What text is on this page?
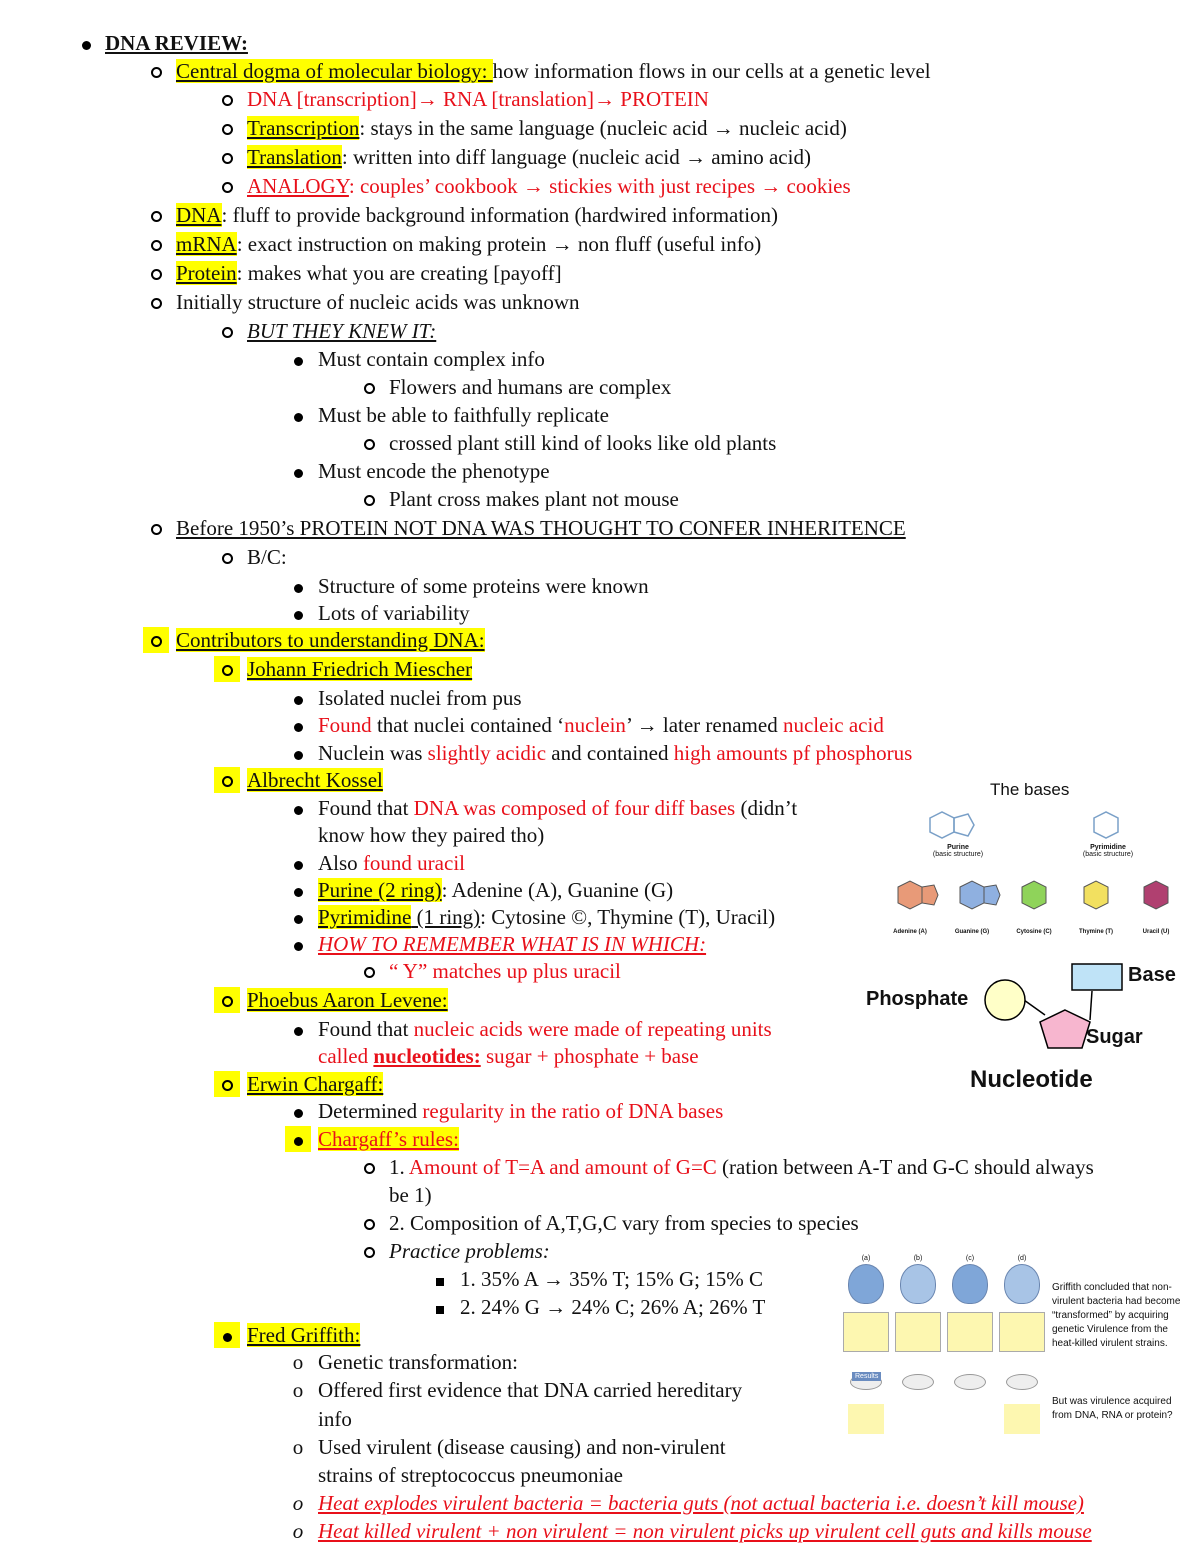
DNA REVIEW:
Central dogma of molecular biology: how information flows in our cells at a genetic level
DNA [transcription]→ RNA [translation]→ PROTEIN
Transcription: stays in the same language (nucleic acid → nucleic acid)
Translation: written into diff language (nucleic acid → amino acid)
ANALOGY: couples’ cookbook → stickies with just recipes → cookies
DNA: fluff to provide background information (hardwired information)
mRNA: exact instruction on making protein → non fluff (useful info)
Protein: makes what you are creating [payoff]
Initially structure of nucleic acids was unknown
BUT THEY KNEW IT:
Must contain complex info
Flowers and humans are complex
Must be able to faithfully replicate
crossed plant still kind of looks like old plants
Must encode the phenotype
Plant cross makes plant not mouse
Before 1950’s PROTEIN NOT DNA WAS THOUGHT TO CONFER INHERITENCE
B/C:
Structure of some proteins were known
Lots of variability
Contributors to understanding DNA:
Johann Friedrich Miescher
Isolated nuclei from pus
Found that nuclei contained ‘nuclein’ → later renamed nucleic acid
Nuclein was slightly acidic and contained high amounts pf phosphorus
Albrecht Kossel
Found that DNA was composed of four diff bases (didn’t
know how they paired tho)
Also found uracil
Purine (2 ring): Adenine (A), Guanine (G)
Pyrimidine (1 ring): Cytosine ©, Thymine (T), Uracil)
HOW TO REMEMBER WHAT IS IN WHICH:
“ Y” matches up plus uracil
Phoebus Aaron Levene:
Found that nucleic acids were made of repeating units
called nucleotides: sugar + phosphate + base
Erwin Chargaff:
Determined regularity in the ratio of DNA bases
Chargaff’s rules:
1. Amount of T=A and amount of G=C (ration between A-T and G-C should always
be 1)
2. Composition of A,T,G,C vary from species to species
Practice problems:
1. 35% A → 35% T; 15% G; 15% C
2. 24% G → 24% C; 26% A; 26% T
Fred Griffith:
o Genetic transformation:
o Offered first evidence that DNA carried hereditary
info
o Used virulent (disease causing) and non-virulent
strains of streptococcus pneumoniae
o Heat explodes virulent bacteria = bacteria guts (not actual bacteria i.e. doesn’t kill mouse)
o Heat killed virulent + non virulent = non virulent picks up virulent cell guts and kills mouse
The bases
Purine
(basic structure)
Pyrimidine
(basic structure)
Adenine (A)	Guanine (G)	Cytosine (C)	Thymine (T)	Uracil (U)
Phosphate
Base
Sugar
Nucleotide
(a)	(b)	(c)	(d)
Results
Griffith concluded that non-virulent bacteria had become “transformed” by acquiring genetic Virulence from the heat-killed virulent strains.
But was virulence acquired from DNA, RNA or protein?
